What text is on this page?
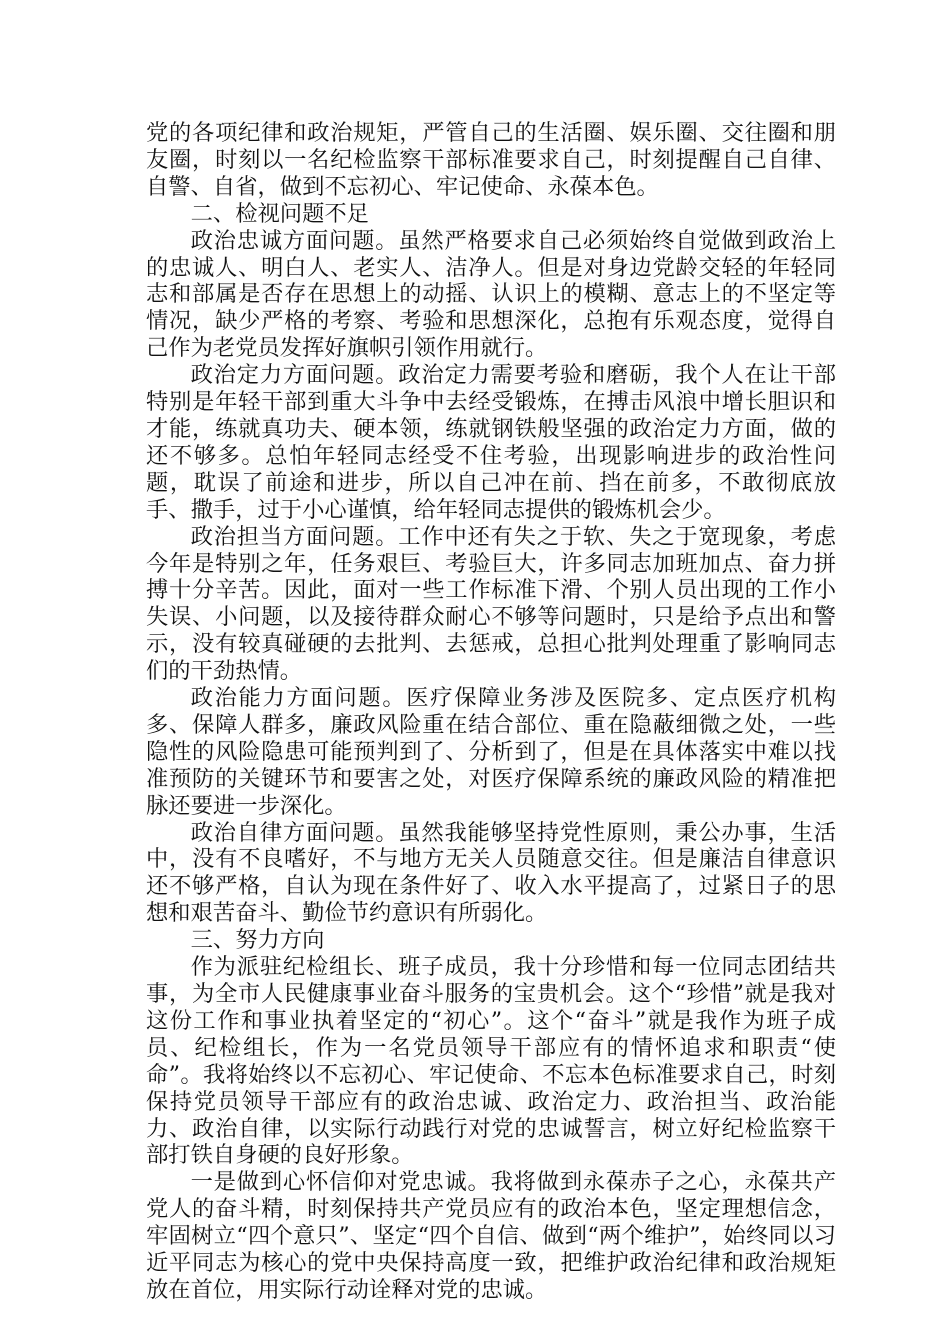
党的各项纪律和政治规矩，严管自己的生活圈、娱乐圈、交往圈和朋友圈，时刻以一名纪检监察干部标准要求自己，时刻提醒自己自律、自警、自省，做到不忘初心、牢记使命、永葆本色。

二、检视问题不足

政治忠诚方面问题。虽然严格要求自己必须始终自觉做到政治上的忠诚人、明白人、老实人、洁净人。但是对身边党龄交轻的年轻同志和部属是否存在思想上的动摇、认识上的模糊、意志上的不坚定等情况，缺少严格的考察、考验和思想深化，总抱有乐观态度，觉得自己作为老党员发挥好旗帜引领作用就行。

政治定力方面问题。政治定力需要考验和磨砺，我个人在让干部特别是年轻干部到重大斗争中去经受锻炼，在搏击风浪中增长胆识和才能，练就真功夫、硬本领，练就钢铁般坚强的政治定力方面，做的还不够多。总怕年轻同志经受不住考验，出现影响进步的政治性问题，耽误了前途和进步，所以自己冲在前、挡在前多，不敢彻底放手、撒手，过于小心谨慎，给年轻同志提供的锻炼机会少。

政治担当方面问题。工作中还有失之于软、失之于宽现象，考虑今年是特别之年，任务艰巨、考验巨大，许多同志加班加点、奋力拼搏十分辛苦。因此，面对一些工作标准下滑、个别人员出现的工作小失误、小问题，以及接待群众耐心不够等问题时，只是给予点出和警示，没有较真碰硬的去批判、去惩戒，总担心批判处理重了影响同志们的干劲热情。

政治能力方面问题。医疗保障业务涉及医院多、定点医疗机构多、保障人群多，廉政风险重在结合部位、重在隐蔽细微之处，一些隐性的风险隐患可能预判到了、分析到了，但是在具体落实中难以找准预防的关键环节和要害之处，对医疗保障系统的廉政风险的精准把脉还要进一步深化。

政治自律方面问题。虽然我能够坚持党性原则，秉公办事，生活中，没有不良嗜好，不与地方无关人员随意交往。但是廉洁自律意识还不够严格，自认为现在条件好了、收入水平提高了，过紧日子的思想和艰苦奋斗、勤俭节约意识有所弱化。

三、努力方向

作为派驻纪检组长、班子成员，我十分珍惜和每一位同志团结共事，为全市人民健康事业奋斗服务的宝贵机会。这个“珍惜”就是我对这份工作和事业执着坚定的“初心”。这个“奋斗”就是我作为班子成员、纪检组长，作为一名党员领导干部应有的情怀追求和职责“使命”。我将始终以不忘初心、牢记使命、不忘本色标准要求自己，时刻保持党员领导干部应有的政治忠诚、政治定力、政治担当、政治能力、政治自律，以实际行动践行对党的忠诚誓言，树立好纪检监察干部打铁自身硬的良好形象。

一是做到心怀信仰对党忠诚。我将做到永葆赤子之心，永葆共产党人的奋斗精，时刻保持共产党员应有的政治本色，坚定理想信念，牢固树立“四个意只”、坚定“四个自信、做到“两个维护”，始终同以习近平同志为核心的党中央保持高度一致，把维护政治纪律和政治规矩放在首位，用实际行动诠释对党的忠诚。
